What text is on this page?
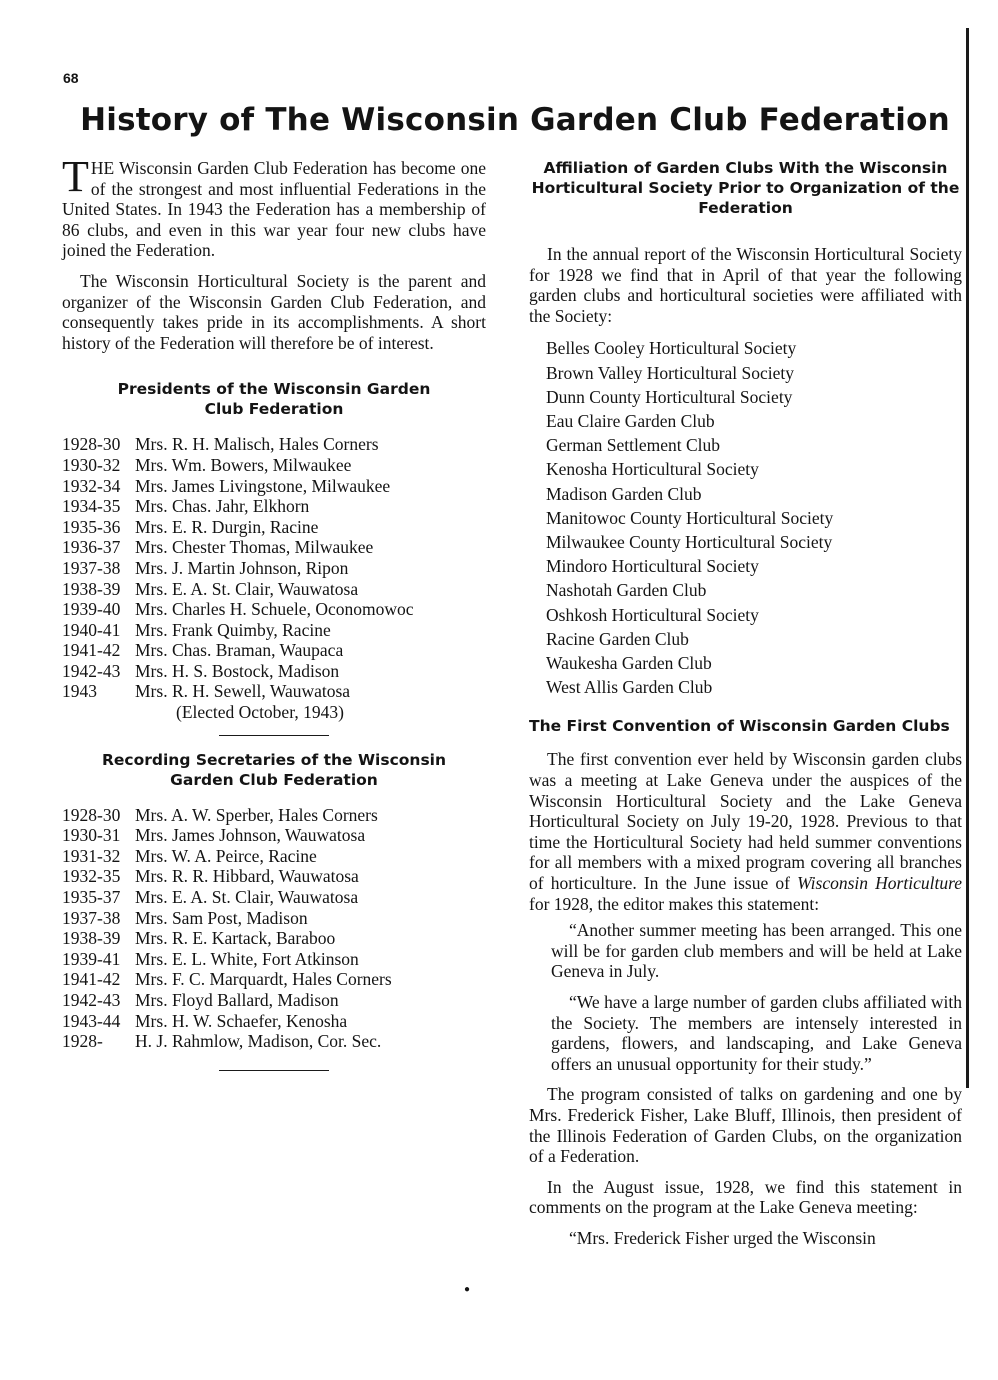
68
History of The Wisconsin Garden Club Federation

THE Wisconsin Garden Club Federation has become one of the strongest and most influential Federations in the United States. In 1943 the Federation has a membership of 86 clubs, and even in this war year four new clubs have joined the Federation.

The Wisconsin Horticultural Society is the parent and organizer of the Wisconsin Garden Club Federation, and consequently takes pride in its accomplishments. A short history of the Federation will therefore be of interest.

Presidents of the Wisconsin Garden Club Federation
1928-30 Mrs. R. H. Malisch, Hales Corners
1930-32 Mrs. Wm. Bowers, Milwaukee
1932-34 Mrs. James Livingstone, Milwaukee
1934-35 Mrs. Chas. Jahr, Elkhorn
1935-36 Mrs. E. R. Durgin, Racine
1936-37 Mrs. Chester Thomas, Milwaukee
1937-38 Mrs. J. Martin Johnson, Ripon
1938-39 Mrs. E. A. St. Clair, Wauwatosa
1939-40 Mrs. Charles H. Schuele, Oconomowoc
1940-41 Mrs. Frank Quimby, Racine
1941-42 Mrs. Chas. Braman, Waupaca
1942-43 Mrs. H. S. Bostock, Madison
1943	Mrs. R. H. Sewell, Wauwatosa
(Elected October, 1943)
Recording Secretaries of the Wisconsin Garden Club Federation
1928-30 Mrs. A. W. Sperber, Hales Corners
1930-31 Mrs. James Johnson, Wauwatosa
1931-32 Mrs. W. A. Peirce, Racine
1932-35 Mrs. R. R. Hibbard, Wauwatosa
1935-37 Mrs. E. A. St. Clair, Wauwatosa
1937-38 Mrs. Sam Post, Madison
1938-39 Mrs. R. E. Kartack, Baraboo
1939-41 Mrs. E. L. White, Fort Atkinson
1941-42 Mrs. F. C. Marquardt, Hales Corners
1942-43 Mrs. Floyd Ballard, Madison
1943-44 Mrs. H. W. Schaefer, Kenosha
1928-	H. J. Rahmlow, Madison, Cor. Sec.
Affiliation of Garden Clubs With the Wisconsin Horticultural Society Prior to Organization of the Federation

In the annual report of the Wisconsin Horticultural Society for 1928 we find that in April of that year the following garden clubs and horticultural societies were affiliated with the Society:

Belles Cooley Horticultural Society
Brown Valley Horticultural Society
Dunn County Horticultural Society
Eau Claire Garden Club
German Settlement Club
Kenosha Horticultural Society
Madison Garden Club
Manitowoc County Horticultural Society
Milwaukee County Horticultural Society
Mindoro Horticultural Society
Nashotah Garden Club
Oshkosh Horticultural Society
Racine Garden Club
Waukesha Garden Club
West Allis Garden Club
The First Convention of Wisconsin Garden Clubs

The first convention ever held by Wisconsin garden clubs was a meeting at Lake Geneva under the auspices of the Wisconsin Horticultural Society and the Lake Geneva Horticultural Society on July 19-20, 1928. Previous to that time the Horticultural Society had held summer conventions for all members with a mixed program covering all branches of horticulture. In the June issue of Wisconsin Horticulture for 1928, the editor makes this statement:

“Another summer meeting has been arranged. This one will be for garden club members and will be held at Lake Geneva in July.

“We have a large number of garden clubs affiliated with the Society. The members are intensely interested in gardens, flowers, and landscaping, and Lake Geneva offers an unusual opportunity for their study.”

The program consisted of talks on gardening and one by Mrs. Frederick Fisher, Lake Bluff, Illinois, then president of the Illinois Federation of Garden Clubs, on the organization of a Federation.

In the August issue, 1928, we find this statement in comments on the program at the Lake Geneva meeting:

“Mrs. Frederick Fisher urged the Wisconsin

●
